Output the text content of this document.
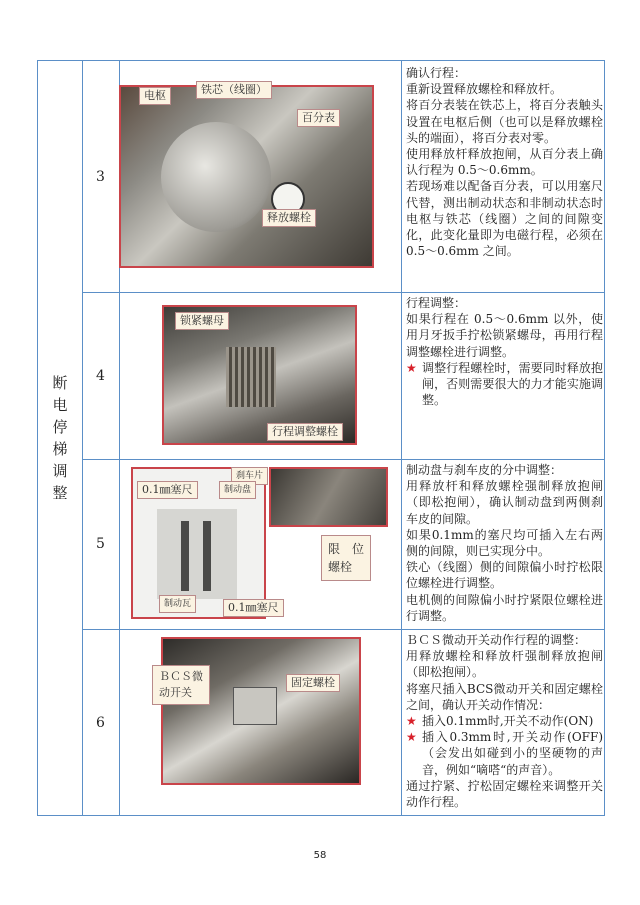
断电
停梯
调整
3
电枢	铁芯（线圈）
百分表
释放螺栓

确认行程：

重新设置释放螺栓和释放杆。

将百分表装在铁芯上，将百分表触头设置在电枢后侧（也可以是释放螺栓头的端面），将百分表对零。

使用释放杆释放抱闸，从百分表上确认行程为 0.5～0.6mm。

若现场难以配备百分表，可以用塞尺代替，测出制动状态和非制动状态时电枢与铁芯（线圈）之间的间隙变化，此变化量即为电磁行程，必须在 0.5～0.6mm 之间。

4
锁紧螺母
行程调整螺栓

行程调整：

如果行程在 0.5～0.6mm 以外，使用月牙扳手拧松锁紧螺母，再用行程调整螺栓进行调整。

★ 调整行程螺栓时，需要同时释放抱闸，否则需要很大的力才能实施调整。

5
0.1㎜塞尺
刹车片
制动盘
制动瓦	0.1㎜塞尺
限　位
螺栓

制动盘与刹车皮的分中调整：

用释放杆和释放螺栓强制释放抱闸（即松抱闸），确认制动盘到两侧刹车皮的间隙。

如果0.1mm的塞尺均可插入左右两侧的间隙，则已实现分中。

铁心（线圈）侧的间隙偏小时拧松限位螺栓进行调整。

电机侧的间隙偏小时拧紧限位螺栓进行调整。

6
ＢＣＳ微
动开关
固定螺栓

ＢＣＳ微动开关动作行程的调整：

用释放螺栓和释放杆强制释放抱闸（即松抱闸）。

将塞尺插入BCS微动开关和固定螺栓之间，确认开关动作情况：

★ 插入0.1mm时,开关不动作(ON)

★ 插入0.3mm时,开关动作(OFF)（会发出如碰到小的坚硬物的声音，例如“嘀嗒“的声音）。

通过拧紧、拧松固定螺栓来调整开关动作行程。

58
